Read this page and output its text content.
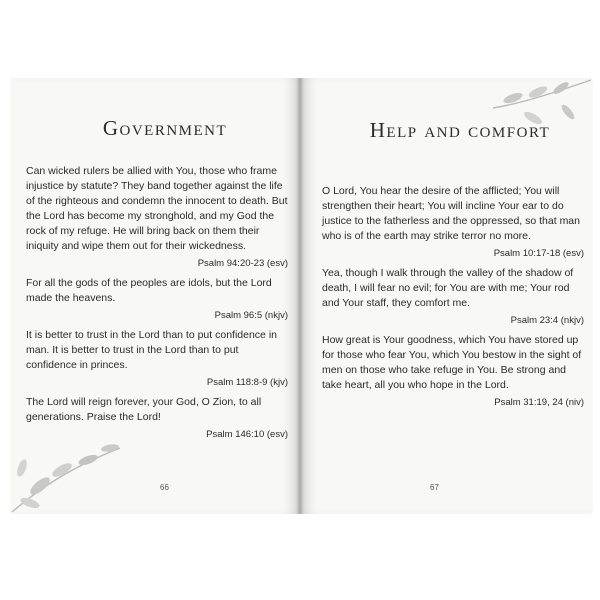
Government

Can wicked rulers be allied with You, those who frame injustice by statute? They band together against the life of the righteous and condemn the innocent to death. But the Lord has become my stronghold, and my God the rock of my refuge. He will bring back on them their iniquity and wipe them out for their wickedness.

Psalm 94:20-23 (esv)

For all the gods of the peoples are idols, but the Lord made the heavens.

Psalm 96:5 (nkjv)

It is better to trust in the Lord than to put confidence in man. It is better to trust in the Lord than to put confidence in princes.

Psalm 118:8-9 (kjv)

The Lord will reign forever, your God, O Zion, to all generations. Praise the Lord!

Psalm 146:10 (esv)
66
Help and comfort

O Lord, You hear the desire of the afflicted; You will strengthen their heart; You will incline Your ear to do justice to the fatherless and the oppressed, so that man who is of the earth may strike terror no more.

Psalm 10:17-18 (esv)

Yea, though I walk through the valley of the shadow of death, I will fear no evil; for You are with me; Your rod and Your staff, they comfort me.

Psalm 23:4 (nkjv)

How great is Your goodness, which You have stored up for those who fear You, which You bestow in the sight of men on those who take refuge in You. Be strong and take heart, all you who hope in the Lord.

Psalm 31:19, 24 (niv)
67
